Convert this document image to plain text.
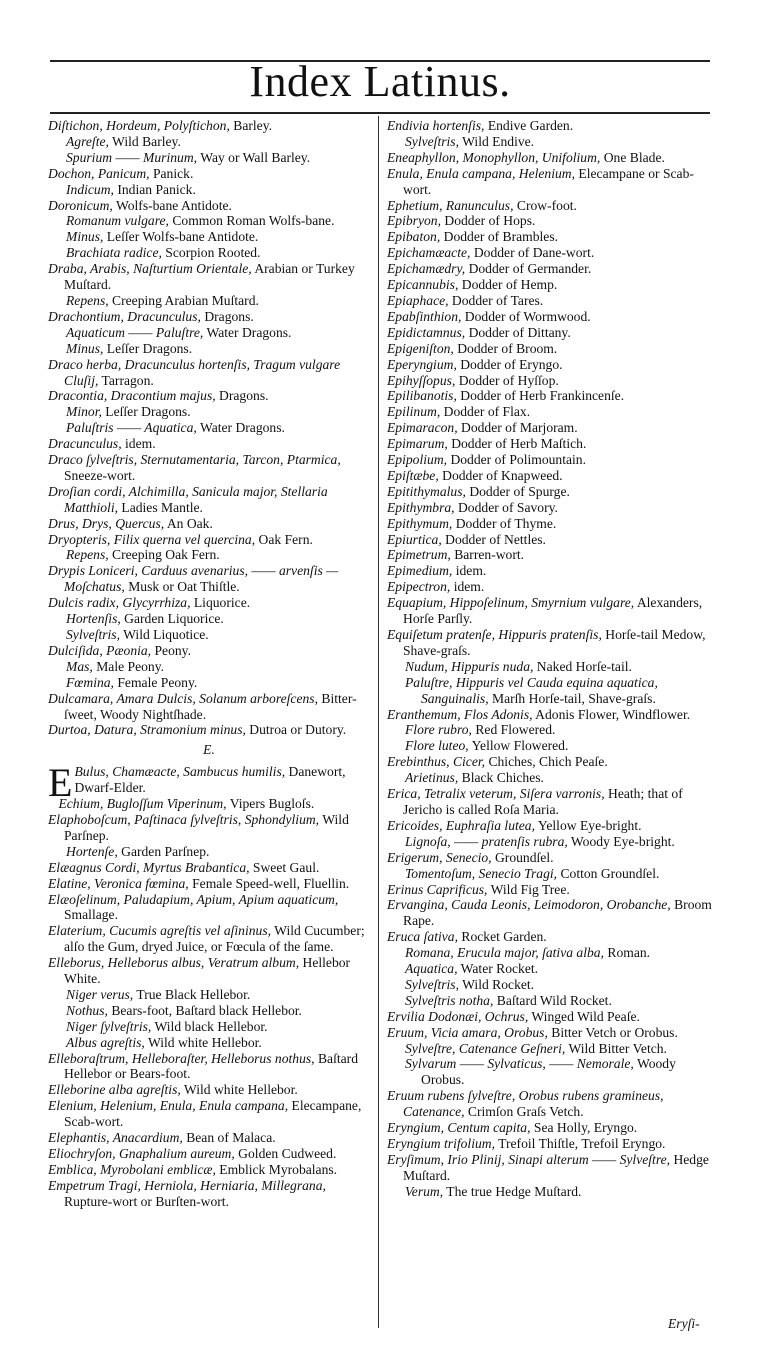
Index Latinus.
Diſtichon, Hordeum, Polyſtichon, Barley.
Agreſte, Wild Barley.
Spurium —— Murinum, Way or Wall Barley.
Dochon, Panicum, Panick.
Indicum, Indian Panick.
Doronicum, Wolfs-bane Antidote.
Romanum vulgare, Common Roman Wolfs-bane.
Minus, Leſſer Wolfs-bane Antidote.
Brachiata radice, Scorpion Rooted.
Draba, Arabis, Naſturtium Orientale, Arabian or Turkey Muſtard.
Repens, Creeping Arabian Muſtard.
Drachontium, Dracunculus, Dragons.
Aquaticum —— Paluſtre, Water Dragons.
Minus, Leſſer Dragons.
Draco herba, Dracunculus hortenſis, Tragum vulgare Cluſij, Tarragon.
Dracontia, Dracontium majus, Dragons.
Minor, Leſſer Dragons.
Paluſtris —— Aquatica, Water Dragons.
Dracunculus, idem.
Draco ſylveſtris, Sternutamentaria, Tarcon, Ptarmica, Sneeze-wort.
Droſian cordi, Alchimilla, Sanicula major, Stellaria Matthioli, Ladies Mantle.
Drus, Drys, Quercus, An Oak.
Dryopteris, Filix querna vel quercina, Oak Fern.
Repens, Creeping Oak Fern.
Drypis Loniceri, Carduus avenarius, —— arvenſis —Moſchatus, Musk or Oat Thiſtle.
Dulcis radix, Glycyrrhiza, Liquorice.
Hortenſis, Garden Liquorice.
Sylveſtris, Wild Liquotice.
Dulciſida, Pæonia, Peony.
Mas, Male Peony.
Fœmina, Female Peony.
Dulcamara, Amara Dulcis, Solanum arboreſcens, Bitter-ſweet, Woody Nightſhade.
Durtoa, Datura, Stramonium minus, Dutroa or Dutory.
E.
E Bulus, Chamæacte, Sambucus humilis, Danewort, Dwarf-Elder.
Echium, Bugloſſum Viperinum, Vipers Bugloſs.
Elaphoboſcum, Paſtinaca ſylveſtris, Sphondylium, Wild Parſnep.
Hortenſe, Garden Parſnep.
Elæagnus Cordi, Myrtus Brabantica, Sweet Gaul.
Elatine, Veronica fœmina, Female Speed-well, Fluellin.
Elæoſelinum, Paludapium, Apium, Apium aquaticum, Smallage.
Elaterium, Cucumis agreſtis vel aſininus, Wild Cucumber; alſo the Gum, dryed Juice, or Fœcula of the ſame.
Elleborus, Helleborus albus, Veratrum album, Hellebor White.
Niger verus, True Black Hellebor.
Nothus, Bears-foot, Baſtard black Hellebor.
Niger ſylveſtris, Wild black Hellebor.
Albus agreſtis, Wild white Hellebor.
Elleboraſtrum, Helleboraſter, Helleborus nothus, Baſtard Hellebor or Bears-foot.
Elleborine alba agreſtis, Wild white Hellebor.
Elenium, Helenium, Enula, Enula campana, Elecampane, Scab-wort.
Elephantis, Anacardium, Bean of Malaca.
Eliochryſon, Gnaphalium aureum, Golden Cudweed.
Emblica, Myrobolani emblicæ, Emblick Myrobalans.
Empetrum Tragi, Herniola, Herniaria, Millegrana, Rupture-wort or Burſten-wort.
Endivia hortenſis, Endive Garden.
Sylveſtris, Wild Endive.
Eneaphyllon, Monophyllon, Unifolium, One Blade.
Enula, Enula campana, Helenium, Elecampane or Scab-wort.
Ephetium, Ranunculus, Crow-foot.
Epibryon, Dodder of Hops.
Epibaton, Dodder of Brambles.
Epichamæacte, Dodder of Dane-wort.
Epichamædry, Dodder of Germander.
Epicannubis, Dodder of Hemp.
Epiaphace, Dodder of Tares.
Epabſinthion, Dodder of Wormwood.
Epidictamnus, Dodder of Dittany.
Epigeniſton, Dodder of Broom.
Eperyngium, Dodder of Eryngo.
Epihyſſopus, Dodder of Hyſſop.
Epilibanotis, Dodder of Herb Frankincenſe.
Epilinum, Dodder of Flax.
Epimaracon, Dodder of Marjoram.
Epimarum, Dodder of Herb Maſtich.
Epipolium, Dodder of Polimountain.
Epiſtæbe, Dodder of Knapweed.
Epitithymalus, Dodder of Spurge.
Epithymbra, Dodder of Savory.
Epithymum, Dodder of Thyme.
Epiurtica, Dodder of Nettles.
Epimetrum, Barren-wort.
Epimedium, idem.
Epipectron, idem.
Equapium, Hippoſelinum, Smyrnium vulgare, Alexanders, Horſe Parſly.
Equiſetum pratenſe, Hippuris pratenſis, Horſe-tail Medow, Shave-graſs.
Nudum, Hippuris nuda, Naked Horſe-tail.
Paluſtre, Hippuris vel Cauda equina aquatica, Sanguinalis, Marſh Horſe-tail, Shave-graſs.
Eranthemum, Flos Adonis, Adonis Flower, Windflower.
Flore rubro, Red Flowered.
Flore luteo, Yellow Flowered.
Erebinthus, Cicer, Chiches, Chich Peaſe.
Arietinus, Black Chiches.
Erica, Tetralix veterum, Siſera varronis, Heath; that of Jericho is called Roſa Maria.
Ericoides, Euphraſia lutea, Yellow Eye-bright.
Lignoſa, —— pratenſis rubra, Woody Eye-bright.
Erigerum, Senecio, Groundſel.
Tomentoſum, Senecio Tragi, Cotton Groundſel.
Erinus Caprificus, Wild Fig Tree.
Ervangina, Cauda Leonis, Leimodoron, Orobanche, Broom Rape.
Eruca ſativa, Rocket Garden.
Romana, Erucula major, ſativa alba, Roman.
Aquatica, Water Rocket.
Sylveſtris, Wild Rocket.
Sylveſtris notha, Baſtard Wild Rocket.
Ervilia Dodonæi, Ochrus, Winged Wild Peaſe.
Eruum, Vicia amara, Orobus, Bitter Vetch or Orobus.
Sylveſtre, Catenance Geſneri, Wild Bitter Vetch.
Sylvarum —— Sylvaticus, —— Nemorale, Woody Orobus.
Eruum rubens ſylveſtre, Orobus rubens gramineus, Catenance, Crimſon Graſs Vetch.
Eryngium, Centum capita, Sea Holly, Eryngo.
Eryngium trifolium, Trefoil Thiſtle, Trefoil Eryngo.
Eryſimum, Irio Plinij, Sinapi alterum —— Sylveſtre, Hedge Muſtard.
Verum, The true Hedge Muſtard.
Eryſi-
